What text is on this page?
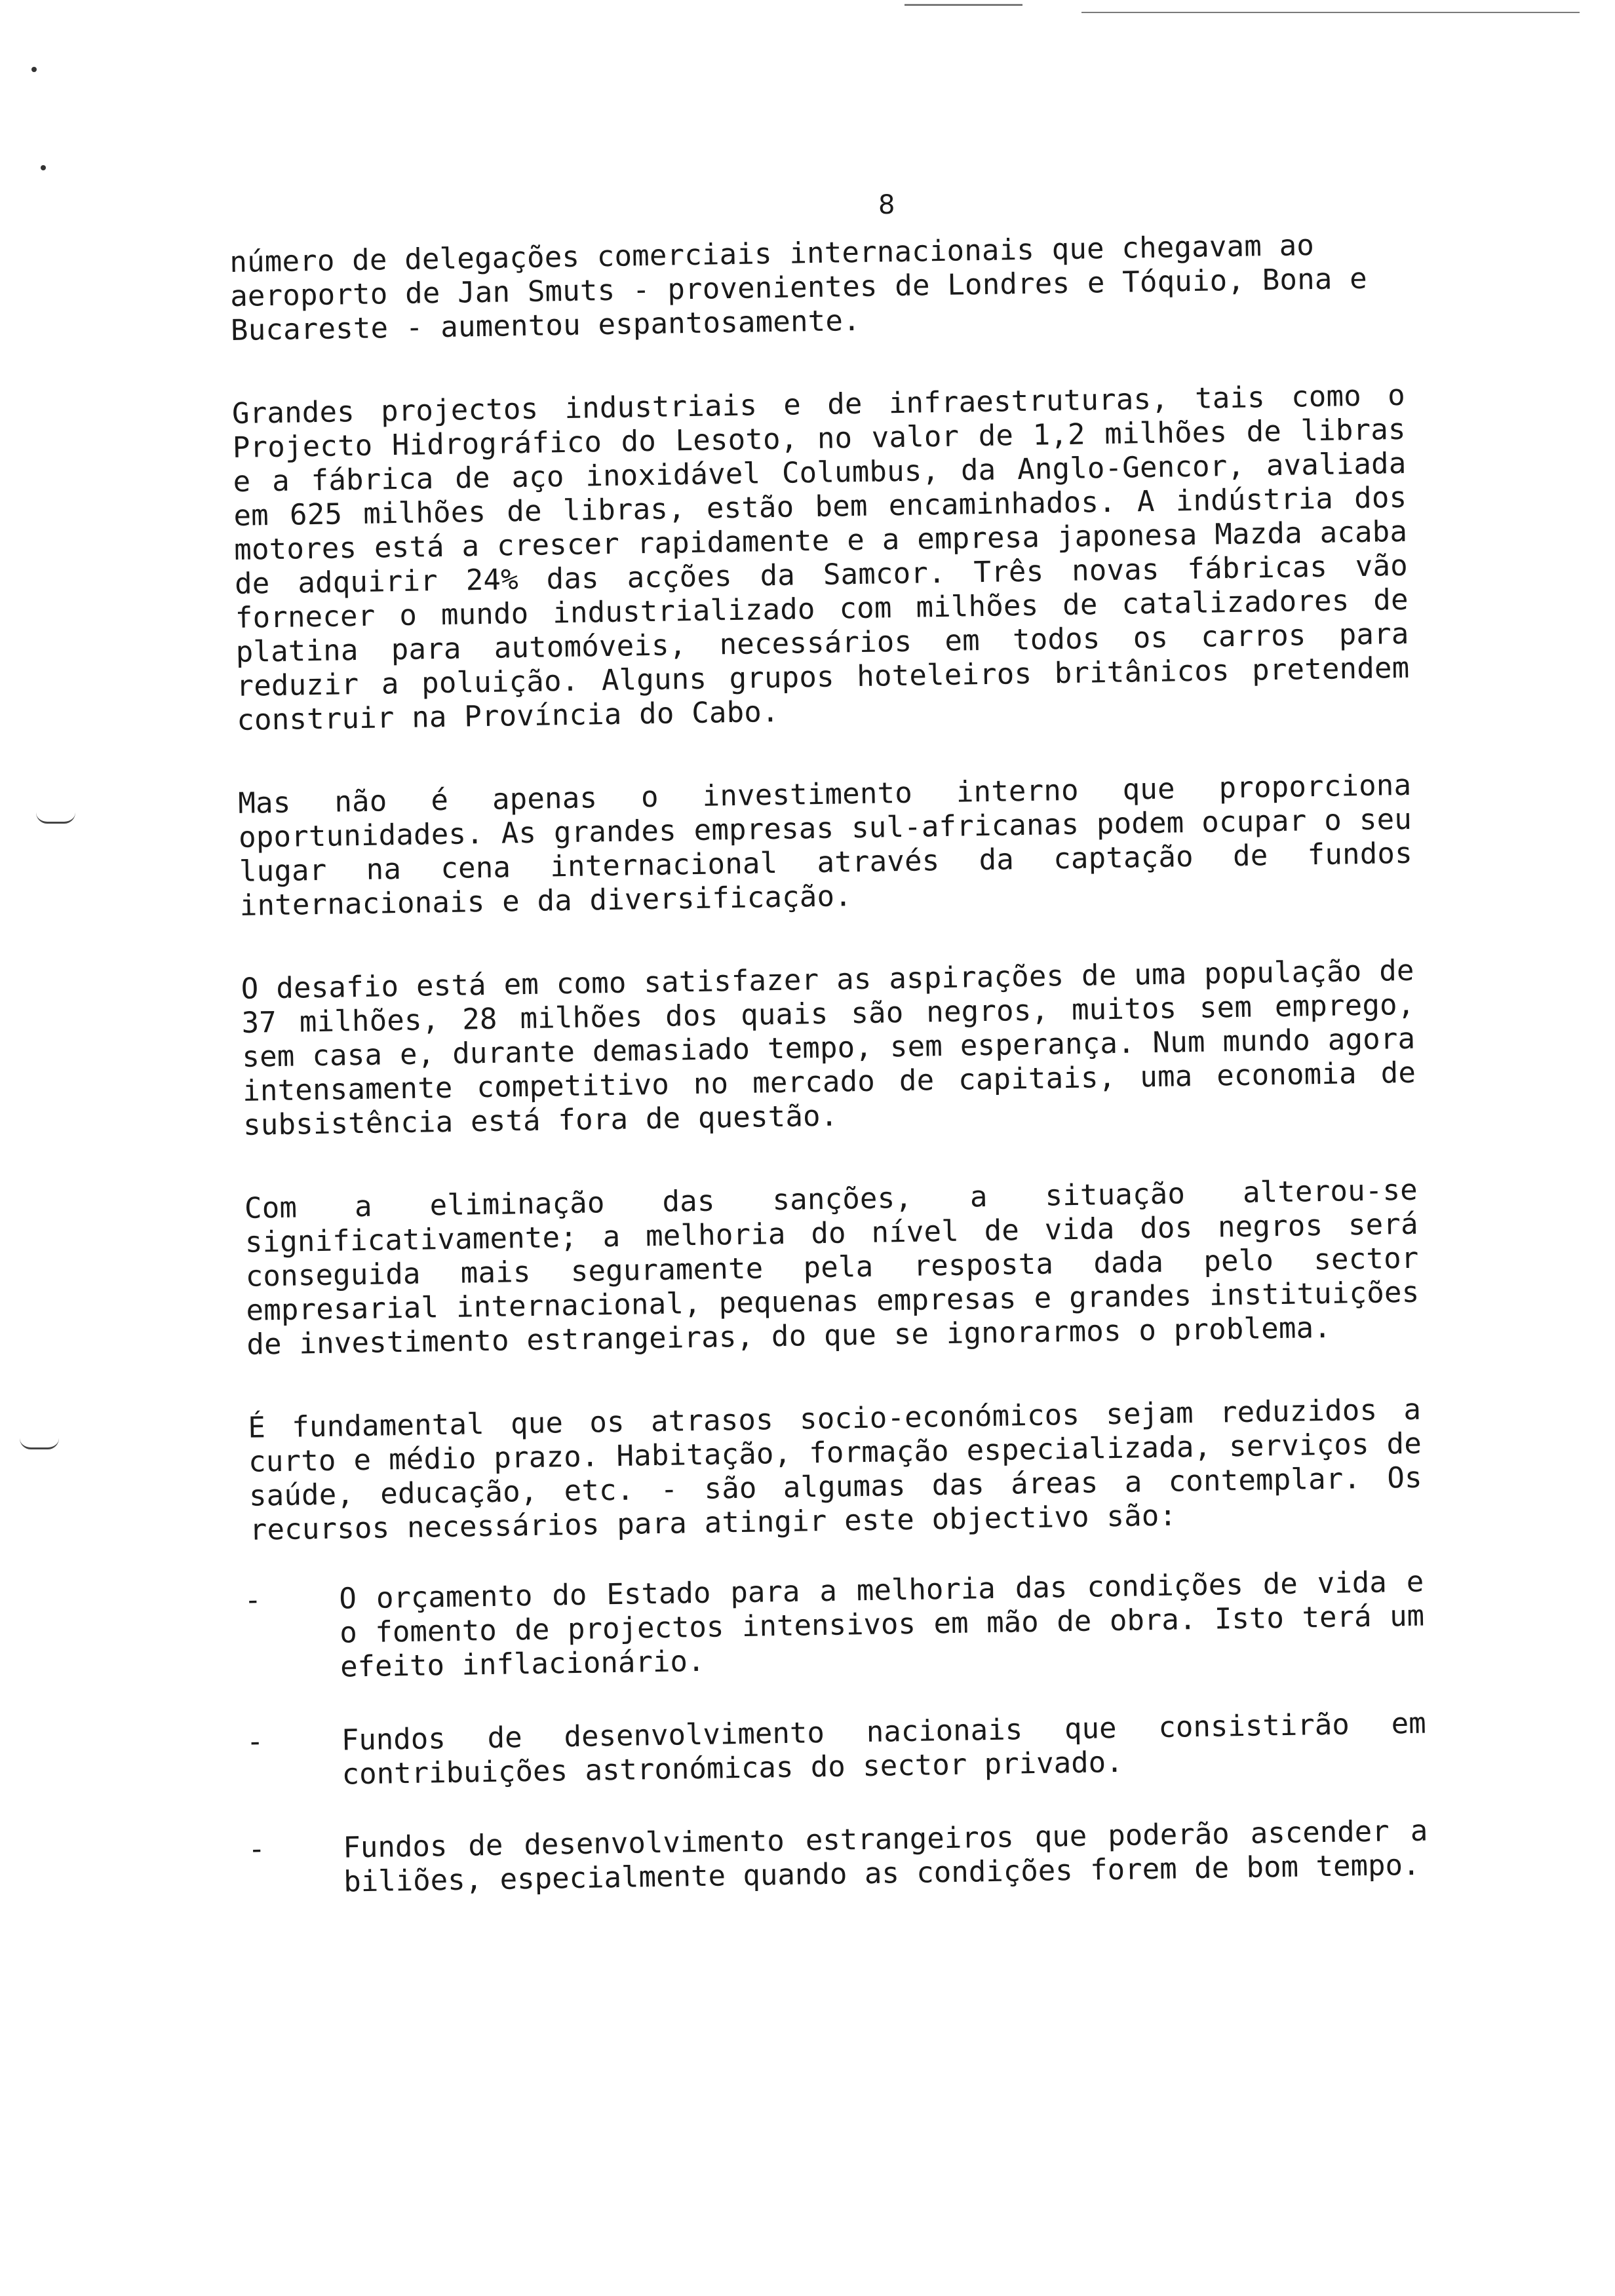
8

número de delegações comerciais internacionais que chegavam ao aeroporto de Jan Smuts - provenientes de Londres e Tóquio, Bona e Bucareste - aumentou espantosamente.

Grandes projectos industriais e de infraestruturas, tais como o Projecto Hidrográfico do Lesoto, no valor de 1,2 milhões de libras e a fábrica de aço inoxidável Columbus, da Anglo-Gencor, avaliada em 625 milhões de libras, estão bem encaminhados. A indústria dos motores está a crescer rapidamente e a empresa japonesa Mazda acaba de adquirir 24% das acções da Samcor. Três novas fábricas vão fornecer o mundo industrializado com milhões de catalizadores de platina para automóveis, necessários em todos os carros para reduzir a poluição. Alguns grupos hoteleiros britânicos pretendem construir na Província do Cabo.

Mas não é apenas o investimento interno que proporciona oportunidades. As grandes empresas sul-africanas podem ocupar o seu lugar na cena internacional através da captação de fundos internacionais e da diversificação.

O desafio está em como satisfazer as aspirações de uma população de 37 milhões, 28 milhões dos quais são negros, muitos sem emprego, sem casa e, durante demasiado tempo, sem esperança. Num mundo agora intensamente competitivo no mercado de capitais, uma economia de subsistência está fora de questão.

Com a eliminação das sanções, a situação alterou-se significativamente; a melhoria do nível de vida dos negros será conseguida mais seguramente pela resposta dada pelo sector empresarial internacional, pequenas empresas e grandes instituições de investimento estrangeiras, do que se ignorarmos o problema.

É fundamental que os atrasos socio-económicos sejam reduzidos a curto e médio prazo. Habitação, formação especializada, serviços de saúde, educação, etc. - são algumas das áreas a contemplar. Os recursos necessários para atingir este objectivo são:

-	O orçamento do Estado para a melhoria das condições de vida e o fomento de projectos intensivos em mão de obra. Isto terá um efeito inflacionário.
-	Fundos de desenvolvimento nacionais que consistirão em contribuições astronómicas do sector privado.
-	Fundos de desenvolvimento estrangeiros que poderão ascender a biliões, especialmente quando as condições forem de bom tempo.
